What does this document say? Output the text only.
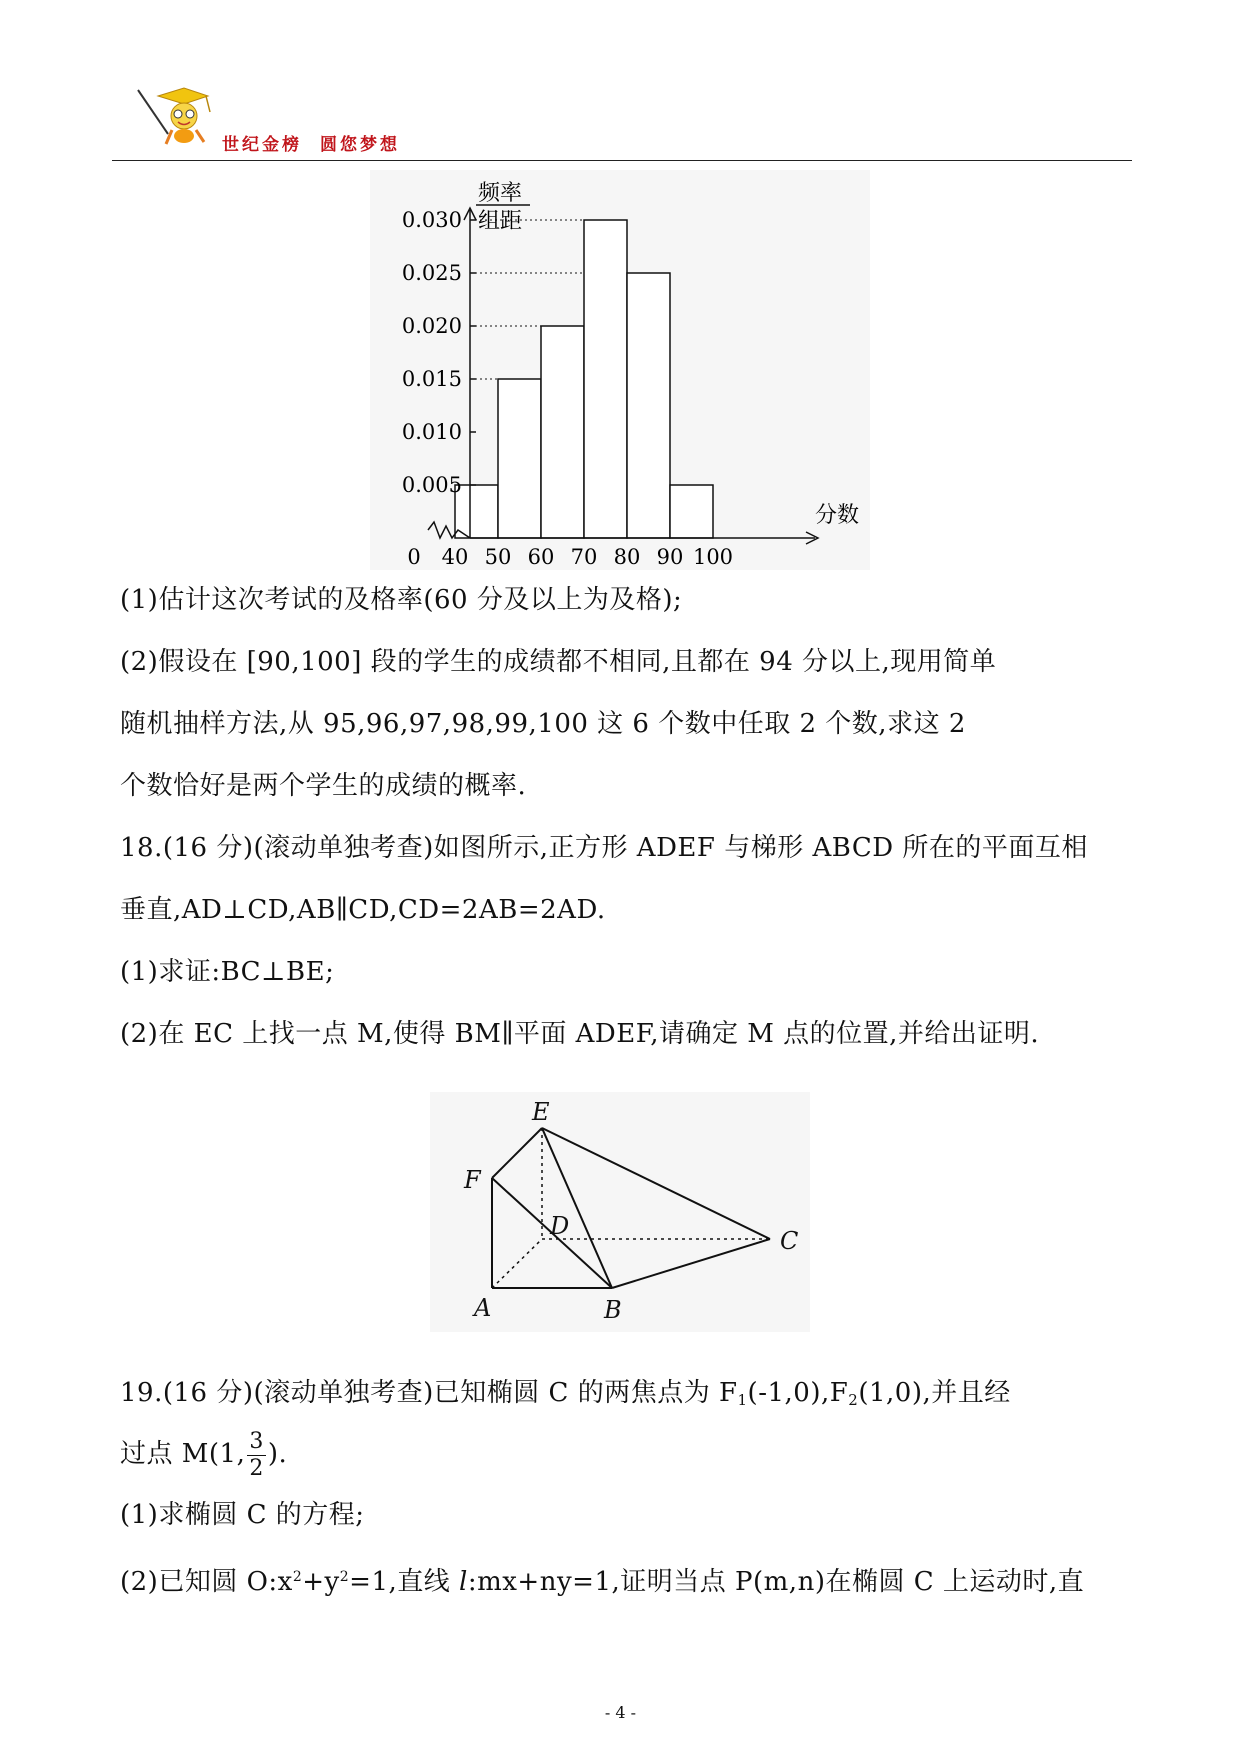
世纪金榜 圆您梦想
0.030
0.025
0.020
0.015
0.010
0.005
0 40 50 60 70 80 90 100
频率
组距
分数
(1)估计这次考试的及格率(60 分及以上为及格);
(2)假设在 [90,100] 段的学生的成绩都不相同,且都在 94 分以上,现用简单
随机抽样方法,从 95,96,97,98,99,100 这 6 个数中任取 2 个数,求这 2
个数恰好是两个学生的成绩的概率.
18.(16 分)(滚动单独考查)如图所示,正方形 ADEF 与梯形 ABCD 所在的平面互相
垂直,AD⊥CD,AB∥CD,CD=2AB=2AD.
(1)求证:BC⊥BE;
(2)在 EC 上找一点 M,使得 BM∥平面 ADEF,请确定 M 点的位置,并给出证明.
E
F
D
C
A	B
19.(16 分)(滚动单独考查)已知椭圆 C 的两焦点为 $F_1(-1,0),F_2(1,0)$,并且经
过点 M(1, $\frac{3}{2}$ ).
(1)求椭圆 C 的方程;
(2)已知圆 $O:x^2+y^2=1$,直线 l:mx+ny=1,证明当点 P(m,n)在椭圆 C 上运动时,直
- 4 -
